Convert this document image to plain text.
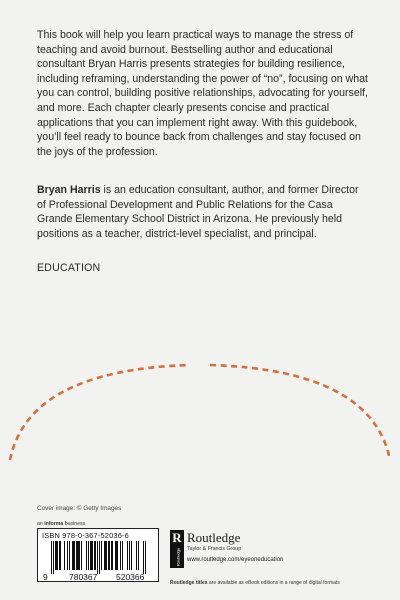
This book will help you learn practical ways to manage the stress of teaching and avoid burnout. Bestselling author and educational consultant Bryan Harris presents strategies for building resilience, including reframing, understanding the power of “no”, focusing on what you can control, building positive relationships, advocating for yourself, and more. Each chapter clearly presents concise and practical applications that you can implement right away. With this guidebook, you’ll feel ready to bounce back from challenges and stay focused on the joys of the profession.

Bryan Harris is an education consultant, author, and former Director of Professional Development and Public Relations for the Casa Grande Elementary School District in Arizona. He previously held positions as a teacher, district-level specialist, and principal.

EDUCATION
Cover image: © Getty Images
an informa business
ISBN 978-0-367-52036-6
9	780367 520366
R
Routledge
Routledge
Taylor & Francis Group
www.routledge.com/eyeoneducation
Routledge titles are available as eBook editions in a range of digital formats
